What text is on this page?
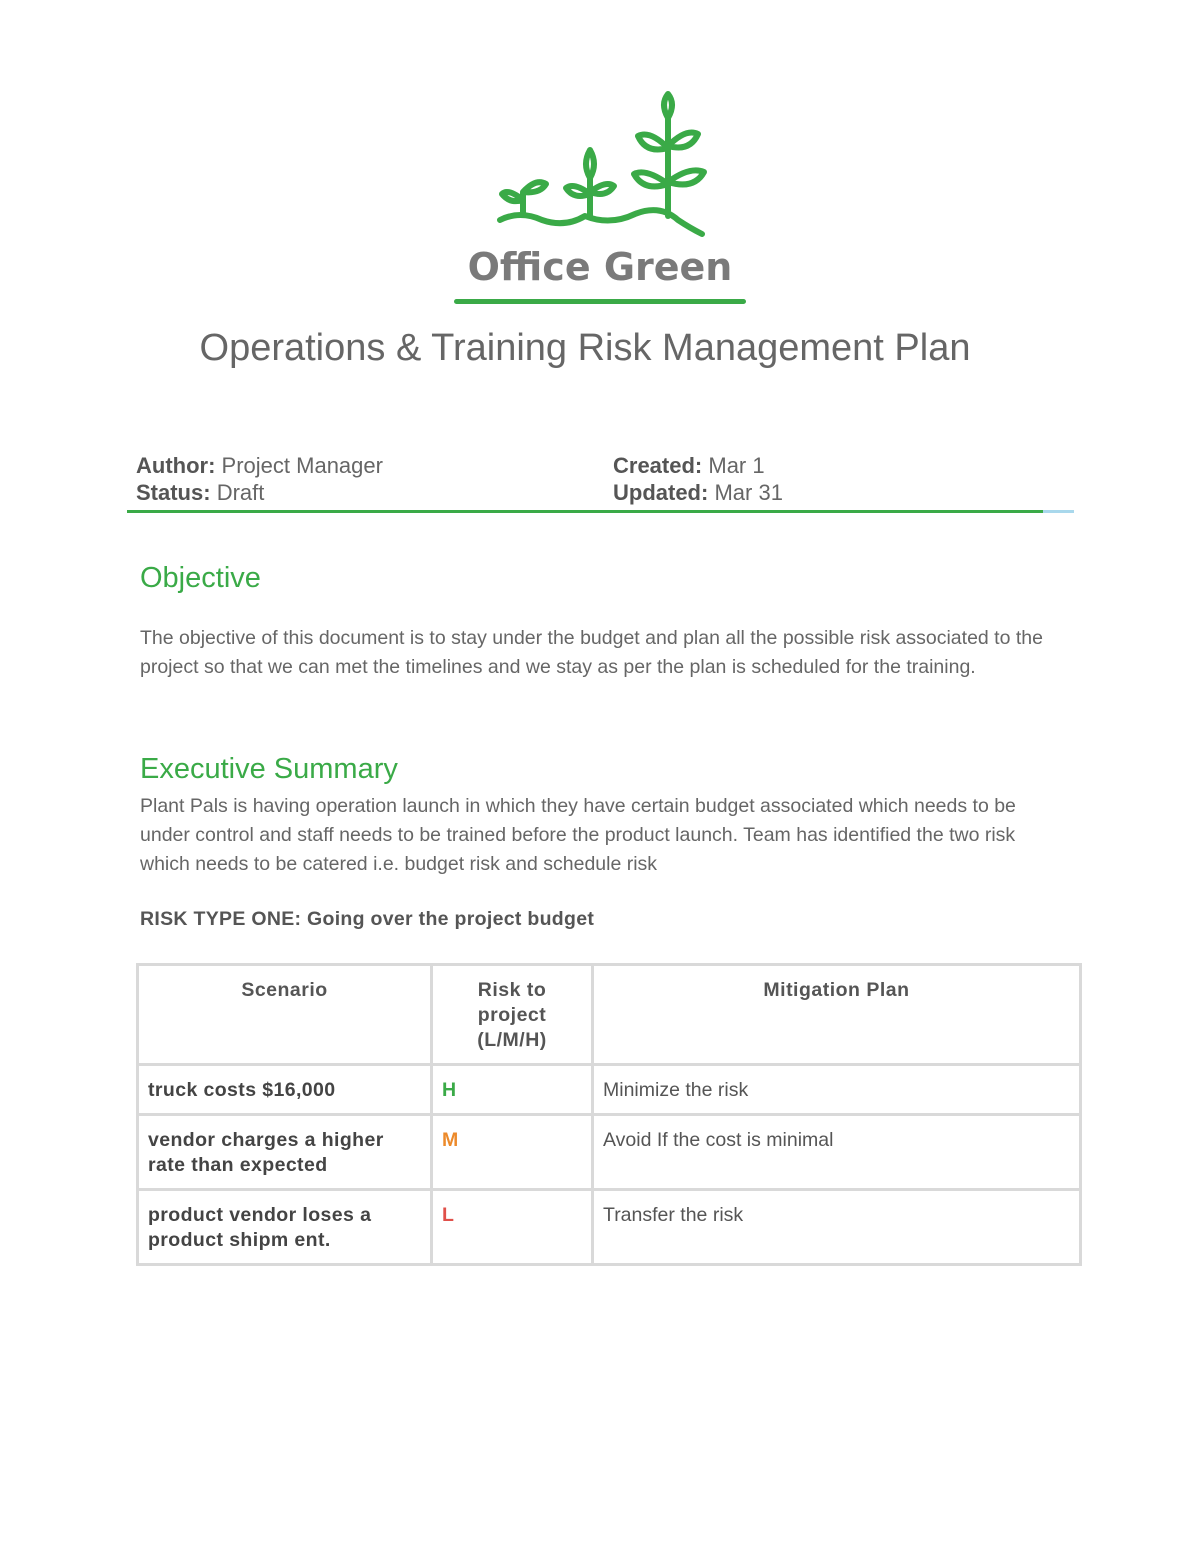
Office Green
Operations & Training Risk Management Plan
Author: Project Manager
Status: Draft
Created: Mar 1
Updated: Mar 31
Objective

The objective of this document is to stay under the budget and plan all the possible risk associated to the project so that we can met the timelines and we stay as per the plan is scheduled for the training.

Executive Summary

Plant Pals is having operation launch in which they have certain budget associated which needs to be under control and staff needs to be trained before the product launch. Team has identified the two risk which needs to be catered i.e. budget risk and schedule risk

RISK TYPE ONE: Going over the project budget

Scenario	Risk to project (L/M/H)	Mitigation Plan
truck costs $16,000	H	Minimize the risk
vendor charges a higher rate than expected	M	Avoid If the cost is minimal
product vendor loses a product shipm ent.	L	Transfer the risk
